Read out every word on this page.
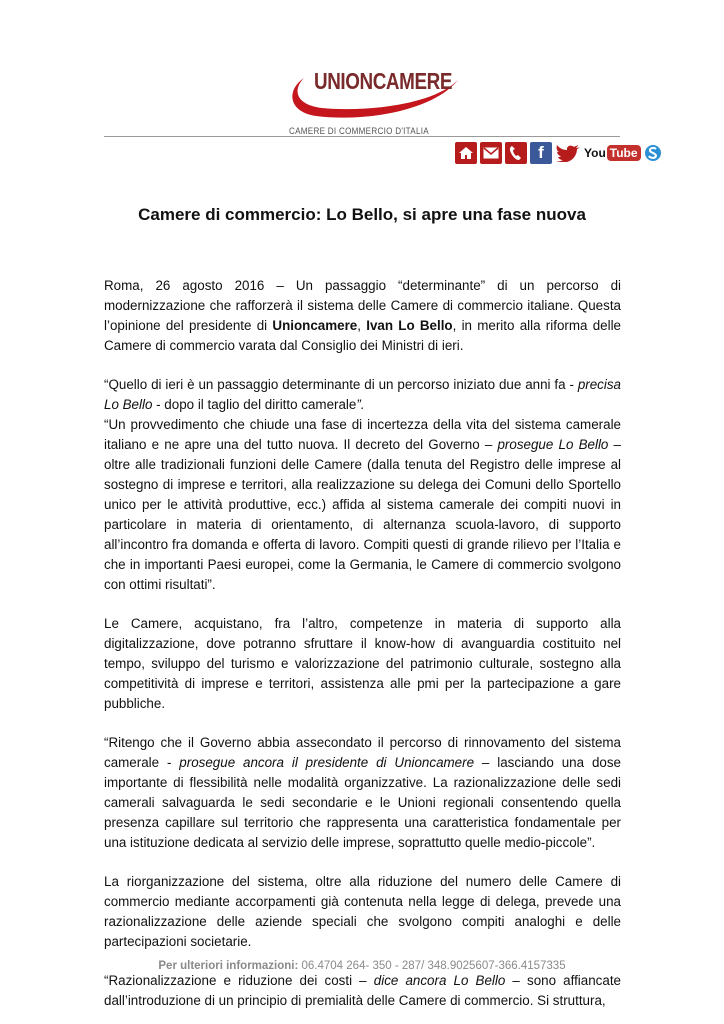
UNIONCAMERE
CAMERE DI COMMERCIO D'ITALIA
f	You Tube
Camere di commercio: Lo Bello, si apre una fase nuova

Roma, 26 agosto 2016 – Un passaggio “determinante” di un percorso di modernizzazione che rafforzerà il sistema delle Camere di commercio italiane. Questa l’opinione del presidente di Unioncamere, Ivan Lo Bello, in merito alla riforma delle Camere di commercio varata dal Consiglio dei Ministri di ieri.

“Quello di ieri è un passaggio determinante di un percorso iniziato due anni fa - precisa Lo Bello - dopo il taglio del diritto camerale”.

“Un provvedimento che chiude una fase di incertezza della vita del sistema camerale italiano e ne apre una del tutto nuova. Il decreto del Governo – prosegue Lo Bello – oltre alle tradizionali funzioni delle Camere (dalla tenuta del Registro delle imprese al sostegno di imprese e territori, alla realizzazione su delega dei Comuni dello Sportello unico per le attività produttive, ecc.) affida al sistema camerale dei compiti nuovi in particolare in materia di orientamento, di alternanza scuola-lavoro, di supporto all’incontro fra domanda e offerta di lavoro. Compiti questi di grande rilievo per l’Italia e che in importanti Paesi europei, come la Germania, le Camere di commercio svolgono con ottimi risultati”.

Le Camere, acquistano, fra l’altro, competenze in materia di supporto alla digitalizzazione, dove potranno sfruttare il know-how di avanguardia costituito nel tempo, sviluppo del turismo e valorizzazione del patrimonio culturale, sostegno alla competitività di imprese e territori, assistenza alle pmi per la partecipazione a gare pubbliche.

“Ritengo che il Governo abbia assecondato il percorso di rinnovamento del sistema camerale - prosegue ancora il presidente di Unioncamere – lasciando una dose importante di flessibilità nelle modalità organizzative. La razionalizzazione delle sedi camerali salvaguarda le sedi secondarie e le Unioni regionali consentendo quella presenza capillare sul territorio che rappresenta una caratteristica fondamentale per una istituzione dedicata al servizio delle imprese, soprattutto quelle medio-piccole”.

La riorganizzazione del sistema, oltre alla riduzione del numero delle Camere di commercio mediante accorpamenti già contenuta nella legge di delega, prevede una razionalizzazione delle aziende speciali che svolgono compiti analoghi e delle partecipazioni societarie.

“Razionalizzazione e riduzione dei costi – dice ancora Lo Bello – sono affiancate dall’introduzione di un principio di premialità delle Camere di commercio. Si struttura,

Per ulteriori informazioni: 06.4704 264- 350 - 287/ 348.9025607-366.4157335
